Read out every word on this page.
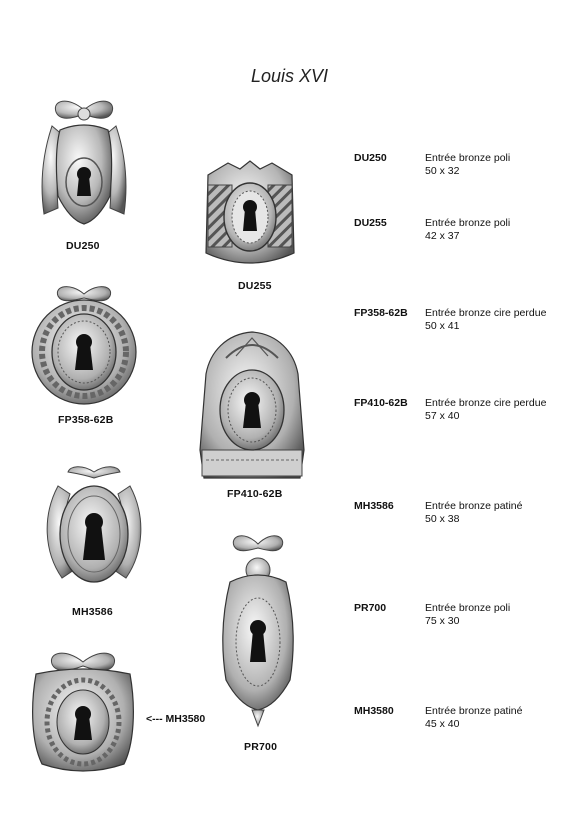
Louis XVI
DU250
DU255
FP358-62B
FP410-62B
MH3586
PR700
<--- MH3580
DU250	Entrée bronze poli
50 x 32
DU255	Entrée bronze poli
42 x 37
FP358-62B Entrée bronze cire perdue
50 x 41
FP410-62B Entrée bronze cire perdue
57 x 40
MH3586	Entrée bronze patiné
50 x 38
PR700	Entrée bronze poli
75 x 30
MH3580	Entrée bronze patiné
45 x 40
